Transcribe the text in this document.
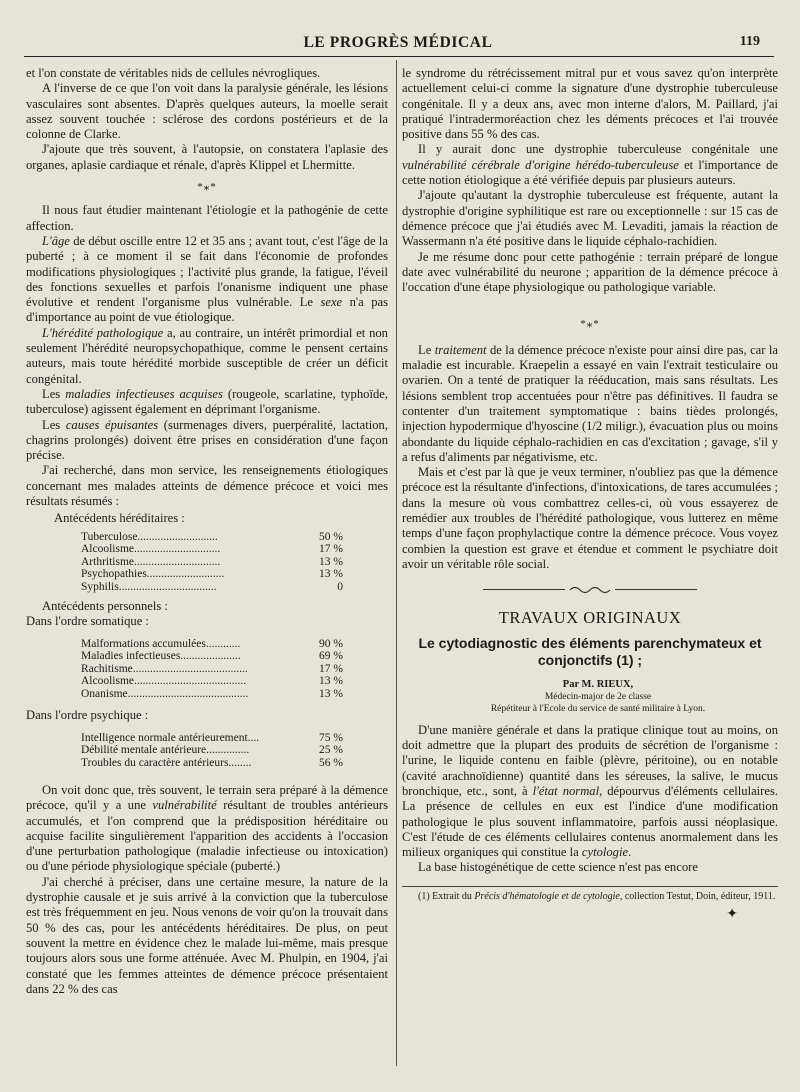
LE PROGRÈS MÉDICAL	119

et l'on constate de véritables nids de cellules névrogliques.

A l'inverse de ce que l'on voit dans la paralysie générale, les lésions vasculaires sont absentes. D'après quelques auteurs, la moelle serait assez souvent touchée : sclérose des cordons postérieurs et de la colonne de Clarke.

J'ajoute que très souvent, à l'autopsie, on constatera l'aplasie des organes, aplasie cardiaque et rénale, d'après Klippel et Lhermitte.

*⁎*

Il nous faut étudier maintenant l'étiologie et la pathogénie de cette affection.

L'âge de début oscille entre 12 et 35 ans ; avant tout, c'est l'âge de la puberté ; à ce moment il se fait dans l'économie de profondes modifications physiologiques ; l'activité plus grande, la fatigue, l'éveil des fonctions sexuelles et parfois l'onanisme indiquent une phase évolutive et rendent l'organisme plus vulnérable. Le sexe n'a pas d'importance au point de vue étiologique.

L'hérédité pathologique a, au contraire, un intérêt primordial et non seulement l'hérédité neuropsychopathique, comme le pensent certains auteurs, mais toute hérédité morbide susceptible de créer un déficit congénital.

Les maladies infectieuses acquises (rougeole, scarlatine, typhoïde, tuberculose) agissent également en déprimant l'organisme.

Les causes épuisantes (surmenages divers, puerpéralité, lactation, chagrins prolongés) doivent être prises en considération d'une façon précise.

J'ai recherché, dans mon service, les renseignements étiologiques concernant mes malades atteints de démence précoce et voici mes résultats résumés :

Antécédents héréditaires :

Tuberculose............................	50 %
Alcoolisme..............................	17 %
Arthritisme..............................	13 %
Psychopathies...........................	13 %
Syphilis..................................	0

Antécédents personnels :

Dans l'ordre somatique :

Malformations accumulées............	90 %
Maladies infectieuses.....................	69 %
Rachitisme........................................	17 %
Alcoolisme.......................................	13 %
Onanisme..........................................	13 %

Dans l'ordre psychique :

Intelligence normale antérieurement....	75 %
Débilité mentale antérieure...............	25 %
Troubles du caractère antérieurs........	56 %

On voit donc que, très souvent, le terrain sera préparé à la démence précoce, qu'il y a une vulnérabilité résultant de troubles antérieurs accumulés, et l'on comprend que la prédisposition héréditaire ou acquise facilite singulièrement l'apparition des accidents à l'occasion d'une perturbation pathologique (maladie infectieuse ou intoxication) ou d'une période physiologique spéciale (puberté.)

J'ai cherché à préciser, dans une certaine mesure, la nature de la dystrophie causale et je suis arrivé à la conviction que la tuberculose est très fréquemment en jeu. Nous venons de voir qu'on la trouvait dans 50 % des cas, pour les antécédents héréditaires. De plus, on peut souvent la mettre en évidence chez le malade lui-même, mais presque toujours alors sous une forme atténuée. Avec M. Phulpin, en 1904, j'ai constaté que les femmes atteintes de démence précoce présentaient dans 22 % des cas

le syndrome du rétrécissement mitral pur et vous savez qu'on interprète actuellement celui-ci comme la signature d'une dystrophie tuberculeuse congénitale. Il y a deux ans, avec mon interne d'alors, M. Paillard, j'ai pratiqué l'intradermoréaction chez les déments précoces et l'ai trouvée positive dans 55 % des cas.

Il y aurait donc une dystrophie tuberculeuse congénitale une vulnérabilité cérébrale d'origine hérédo-tuberculeuse et l'importance de cette notion étiologique a été vérifiée depuis par plusieurs auteurs.

J'ajoute qu'autant la dystrophie tuberculeuse est fréquente, autant la dystrophie d'origine syphilitique est rare ou exceptionnelle : sur 15 cas de démence précoce que j'ai étudiés avec M. Levaditi, jamais la réaction de Wassermann n'a été positive dans le liquide céphalo-rachidien.

Je me résume donc pour cette pathogénie : terrain préparé de longue date avec vulnérabilité du neurone ; apparition de la démence précoce à l'occation d'une étape physiologique ou pathologique variable.

*⁎*

Le traitement de la démence précoce n'existe pour ainsi dire pas, car la maladie est incurable. Kraepelin a essayé en vain l'extrait testiculaire ou ovarien. On a tenté de pratiquer la rééducation, mais sans résultats. Les lésions semblent trop accentuées pour n'être pas définitives. Il faudra se contenter d'un traitement symptomatique : bains tièdes prolongés, injection hypodermique d'hyoscine (1/2 miligr.), évacuation plus ou moins abondante du liquide céphalo-rachidien en cas d'excitation ; gavage, s'il y a refus d'aliments par négativisme, etc.

Mais et c'est par là que je veux terminer, n'oubliez pas que la démence précoce est la résultante d'infections, d'intoxications, de tares accumulées ; dans la mesure où vous combattrez celles-ci, où vous essayerez de remédier aux troubles de l'hérédité pathologique, vous lutterez en même temps d'une façon prophylactique contre la démence précoce. Vous voyez combien la question est grave et étendue et comment le psychiatre doit avoir un véritable rôle social.

TRAVAUX ORIGINAUX
Le cytodiagnostic des éléments parenchymateux et conjonctifs (1) ;

Par M. RIEUX,

Médecin-major de 2e classe

Répétiteur à l'Ecole du service de santé militaire à Lyon.

D'une manière générale et dans la pratique clinique tout au moins, on doit admettre que la plupart des produits de sécrétion de l'organisme : l'urine, le liquide contenu en faible (plèvre, péritoine), ou en notable (cavité arachnoïdienne) quantité dans les séreuses, la salive, le mucus bronchique, etc., sont, à l'état normal, dépourvus d'éléments cellulaires. La présence de cellules en eux est l'indice d'une modification pathologique le plus souvent inflammatoire, parfois aussi néoplasique. C'est l'étude de ces éléments cellulaires contenus anormalement dans les milieux organiques qui constitue la cytologie.

La base histogénétique de cette science n'est pas encore

(1) Extrait du Précis d'hématologie et de cytologie, collection Testut, Doin, éditeur, 1911.

✦
